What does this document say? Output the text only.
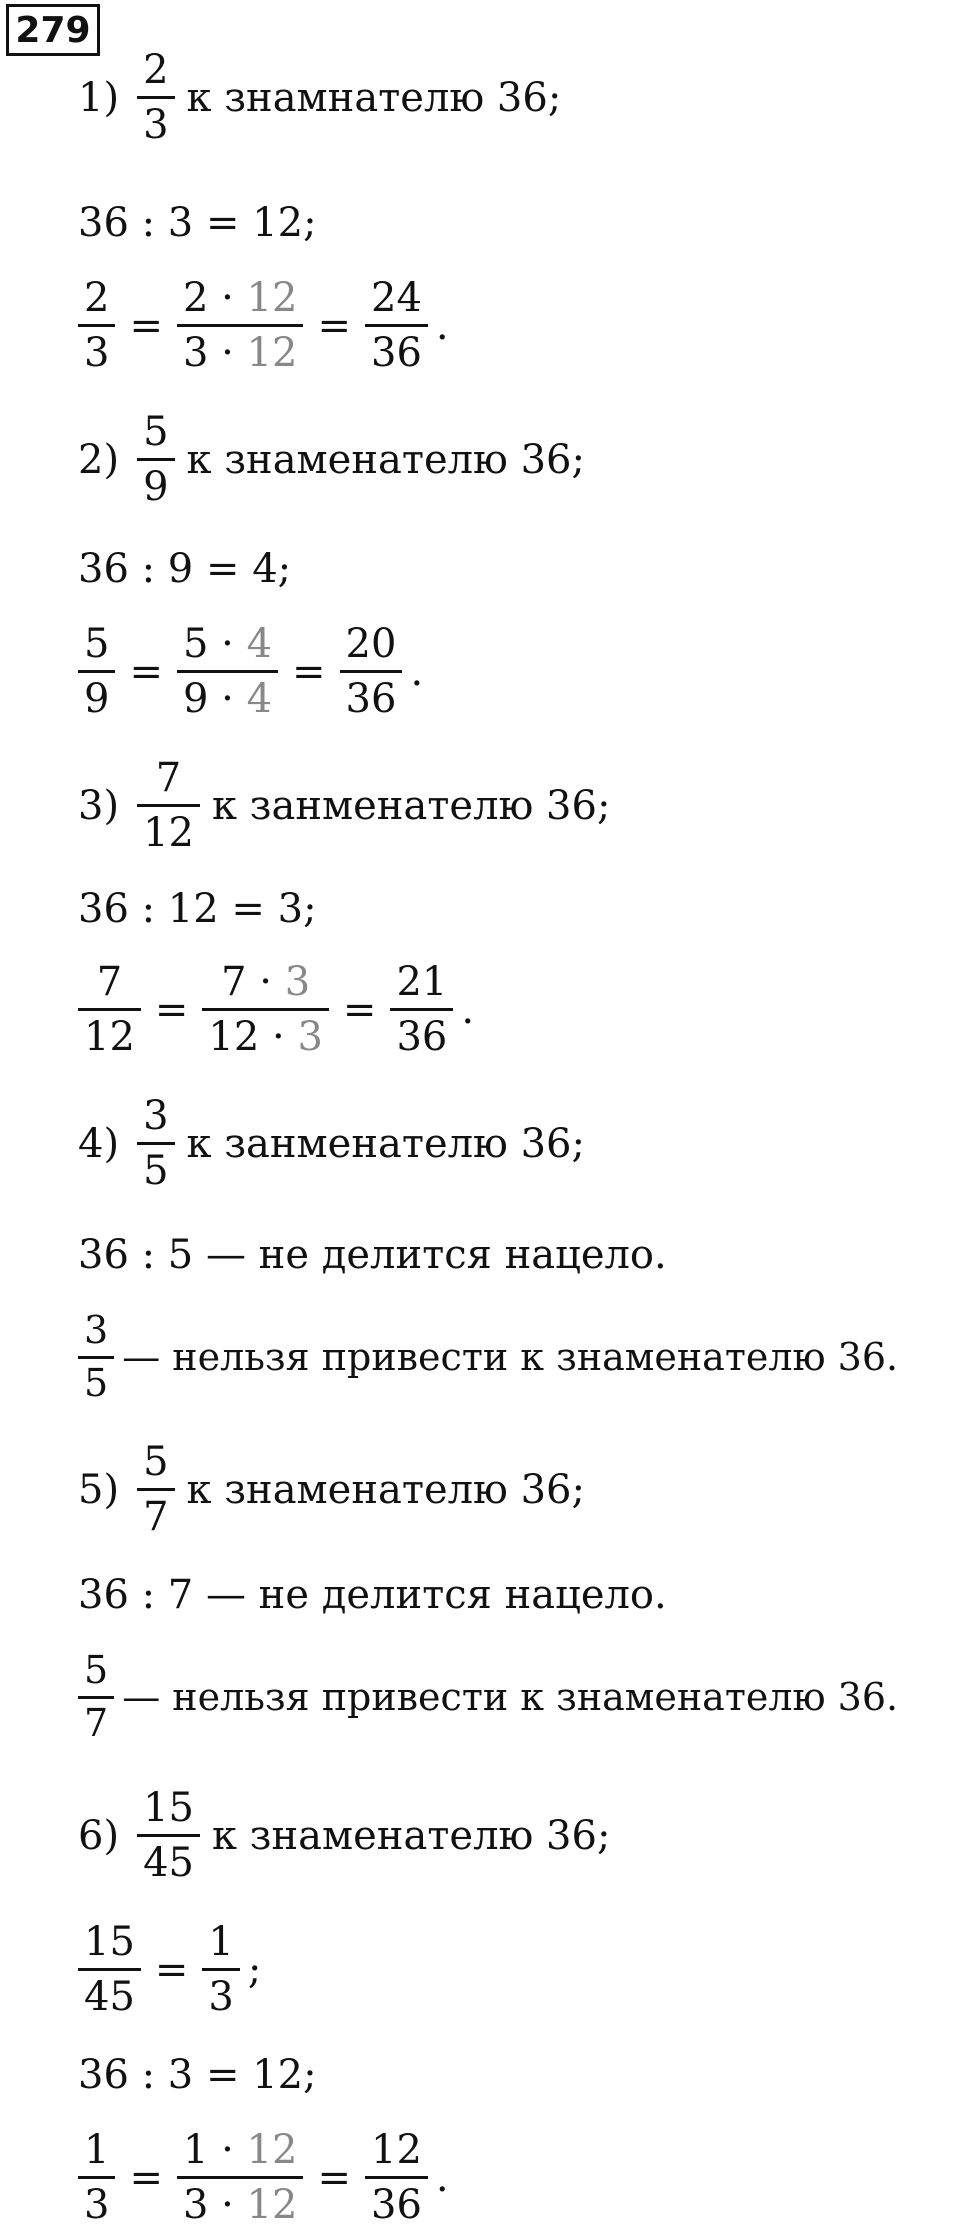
279
$1) \frac{2}{3}$ к знамнателю 36;
36 : 3 = 12;
$\frac{2}{3} = \frac{2 \cdot 12}{3 \cdot 12} = \frac{24}{36}$ .
$2) \frac{5}{9}$ к знаменателю 36;
36 : 9 = 4;
$\frac{5}{9} = \frac{5 \cdot 4}{9 \cdot 4} = \frac{20}{36}$ .
$3) \frac{7}{12}$ к занменателю 36;
36 : 12 = 3;
$\frac{7}{12} = \frac{7 \cdot 3}{12 \cdot 3} = \frac{21}{36}$ .
$4) \frac{3}{5}$ к занменателю 36;
36 : 5 — не делится нацело.
$\frac{3}{5}$ — нельзя привести к знаменателю 36.
$5) \frac{5}{7}$ к знаменателю 36;
36 : 7 — не делится нацело.
$\frac{5}{7}$ — нельзя привести к знаменателю 36.
$6) \frac{15}{45}$ к знаменателю 36;
$\frac{15}{45} = \frac{1}{3}$ ;
36 : 3 = 12;
$\frac{1}{3} = \frac{1 \cdot 12}{3 \cdot 12} = \frac{12}{36}$ .
